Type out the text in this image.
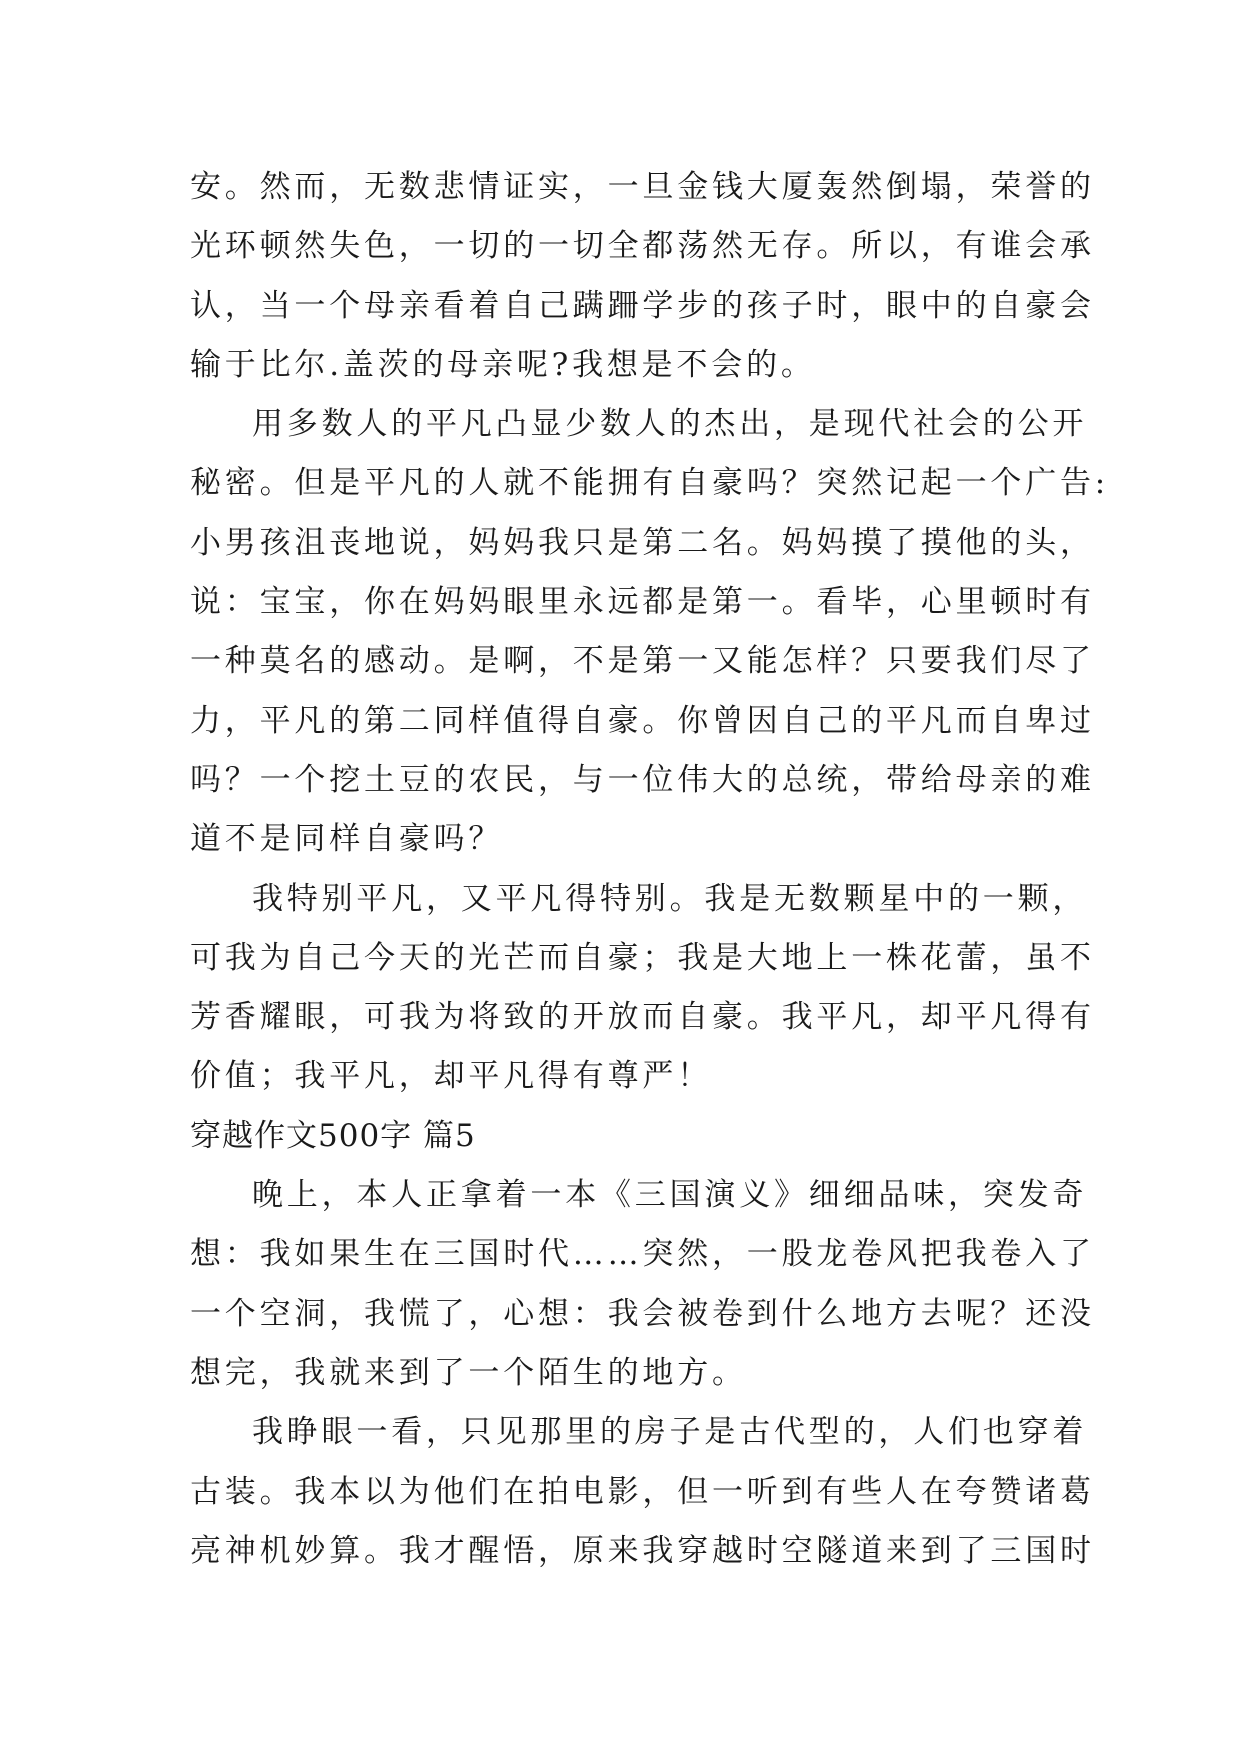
安。然而，无数悲情证实，一旦金钱大厦轰然倒塌，荣誉的
光环顿然失色，一切的一切全都荡然无存。所以，有谁会承
认，当一个母亲看着自己蹒跚学步的孩子时，眼中的自豪会
输于比尔.盖茨的母亲呢?我想是不会的。
用多数人的平凡凸显少数人的杰出，是现代社会的公开
秘密。但是平凡的人就不能拥有自豪吗？突然记起一个广告:
小男孩沮丧地说，妈妈我只是第二名。妈妈摸了摸他的头，
说：宝宝，你在妈妈眼里永远都是第一。看毕，心里顿时有
一种莫名的感动。是啊，不是第一又能怎样？只要我们尽了
力，平凡的第二同样值得自豪。你曾因自己的平凡而自卑过
吗？一个挖土豆的农民，与一位伟大的总统，带给母亲的难
道不是同样自豪吗？
我特别平凡，又平凡得特别。我是无数颗星中的一颗，
可我为自己今天的光芒而自豪；我是大地上一株花蕾，虽不
芳香耀眼，可我为将致的开放而自豪。我平凡，却平凡得有
价值；我平凡，却平凡得有尊严！
穿越作文500字 篇5
晚上，本人正拿着一本《三国演义》细细品味，突发奇
想：我如果生在三国时代……突然，一股龙卷风把我卷入了
一个空洞，我慌了，心想：我会被卷到什么地方去呢？还没
想完，我就来到了一个陌生的地方。
我睁眼一看，只见那里的房子是古代型的，人们也穿着
古装。我本以为他们在拍电影，但一听到有些人在夸赞诸葛
亮神机妙算。我才醒悟，原来我穿越时空隧道来到了三国时
